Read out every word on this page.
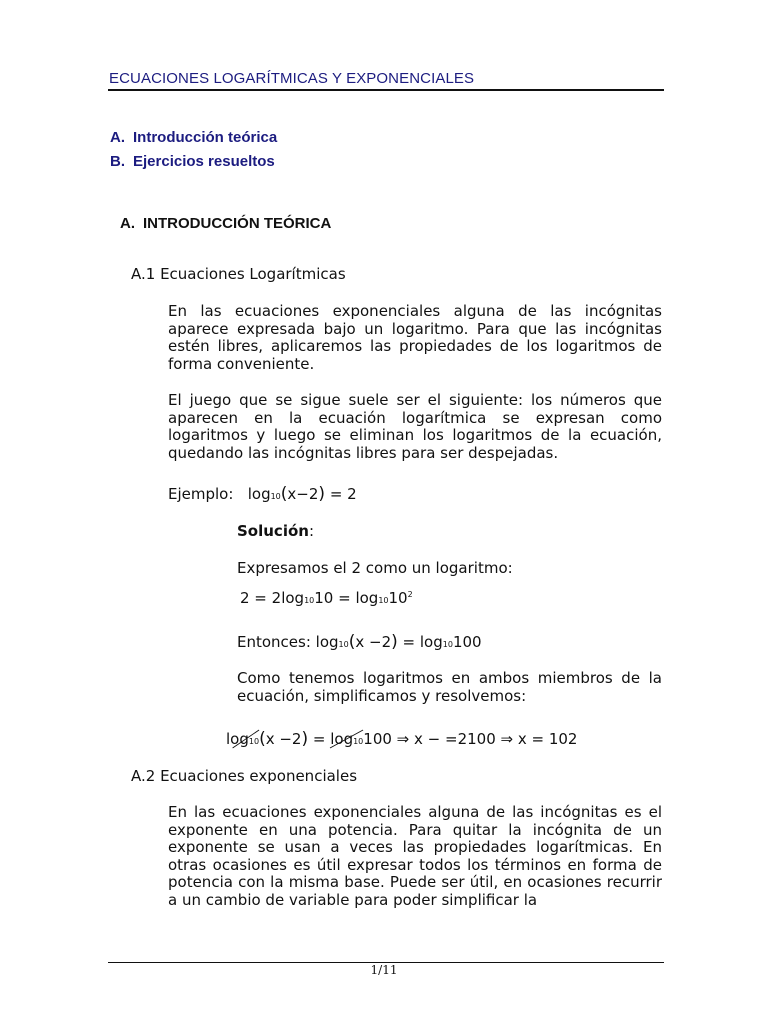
ECUACIONES LOGARÍTMICAS Y EXPONENCIALES
A. Introducción teórica
B. Ejercicios resueltos
A. INTRODUCCIÓN TEÓRICA
A.1 Ecuaciones Logarítmicas
En las ecuaciones exponenciales alguna de las incógnitas aparece expresada bajo un logaritmo. Para que las incógnitas estén libres, aplicaremos las propiedades de los logaritmos de forma conveniente.
El juego que se sigue suele ser el siguiente: los números que aparecen en la ecuación logarítmica se expresan como logaritmos y luego se eliminan los logaritmos de la ecuación, quedando las incógnitas libres para ser despejadas.
Ejemplo: log10(x−2) = 2
Solución:
Expresamos el 2 como un logaritmo:
$2 = 2\log 1010 = \log 1010^2$
Entonces: log10(x −2) = log10100
Como tenemos logaritmos en ambos miembros de la ecuación, simplificamos y resolvemos:
log10
(x −2) = log10
100 ⇒ x − =2100 ⇒ x = 102
A.2 Ecuaciones exponenciales
En las ecuaciones exponenciales alguna de las incógnitas es el exponente en una potencia. Para quitar la incógnita de un exponente se usan a veces las propiedades logarítmicas. En otras ocasiones es útil expresar todos los términos en forma de potencia con la misma base. Puede ser útil, en ocasiones recurrir a un cambio de variable para poder simplificar la
1/11
